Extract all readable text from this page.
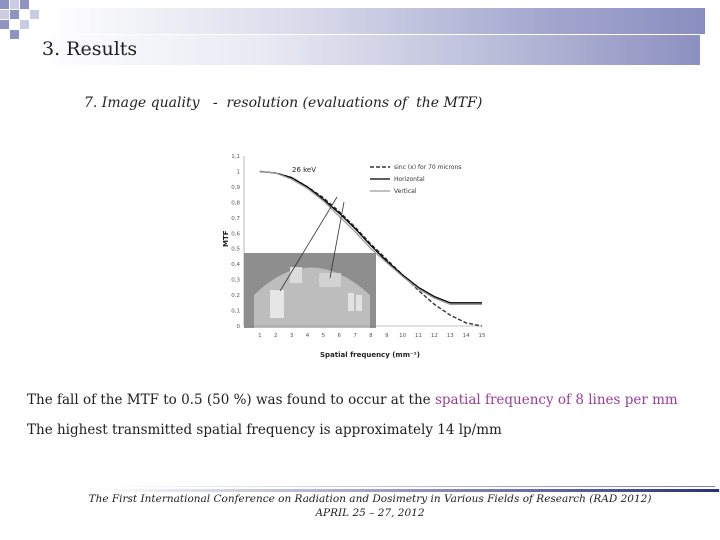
3. Results
7. Image quality   -  resolution (evaluations of  the MTF)
0
0,1
0,2
0,3
0,4
0,5
0,6
0,7
0,8
0,9
1
1,1
1 2 3 4 5 6 7 8 9 10 11 12 13 14 15
sinc (x) for 70 microns
Horizontal
Vertical
26 keV
MTF
Spatial frequency (mm⁻¹)
The fall of the MTF to 0.5 (50 %) was found to occur at the spatial frequency of 8 lines per mm
The highest transmitted spatial frequency is approximately 14 lp/mm
The First International Conference on Radiation and Dosimetry in Various Fields of Research (RAD 2012)
APRIL 25 – 27, 2012
